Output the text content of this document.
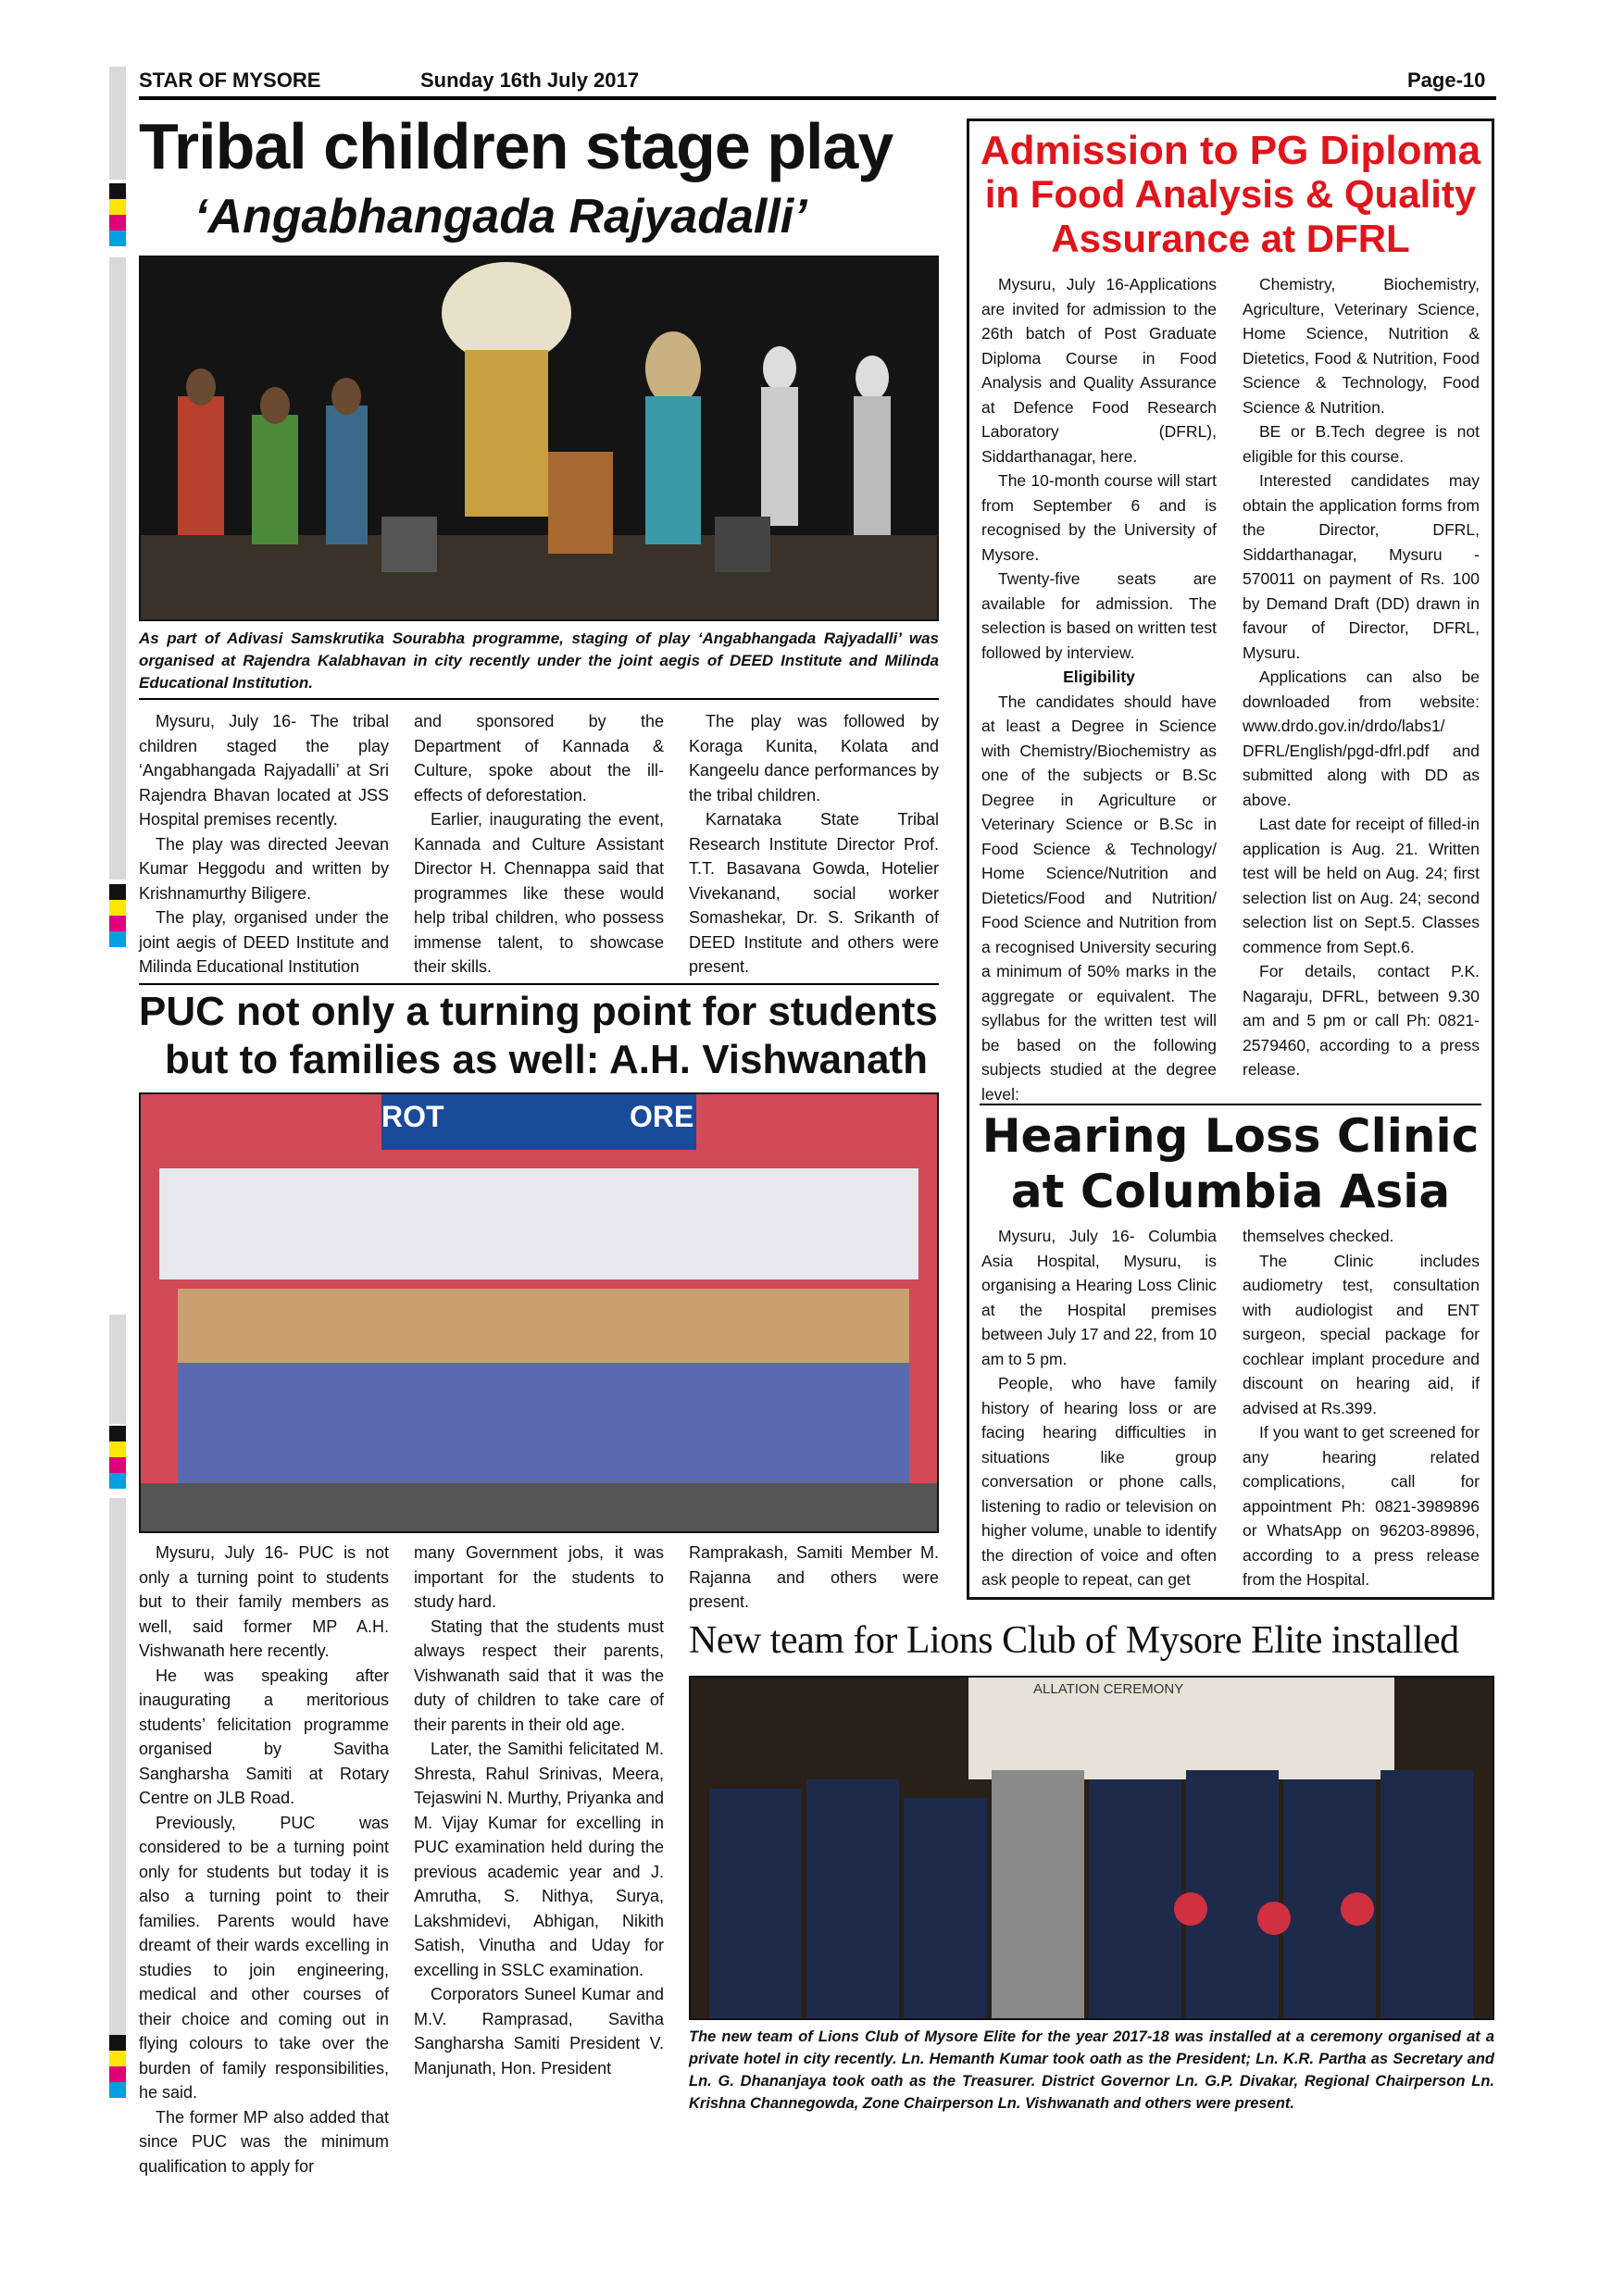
STAR OF MYSORE	Sunday 16th July 2017	Page-10
Tribal children stage play
‘Angabhangada Rajyadalli’
As part of Adivasi Samskrutika Sourabha programme, staging of play ‘Angabhangada Rajyadalli’ was organised at Rajendra Kalabhavan in city recently under the joint aegis of DEED Institute and Milinda Educational Institution.

Mysuru, July 16- The tribal children staged the play ‘Angabhangada Rajyadalli’ at Sri Rajendra Bhavan located at JSS Hospital premises recently.

The play was directed Jeevan Kumar Heggodu and written by Krishnamurthy Biligere.

The play, organised under the joint aegis of DEED Institute and Milinda Educational Institution

and sponsored by the Department of Kannada & Culture, spoke about the ill-effects of deforestation.

Earlier, inaugurating the event, Kannada and Culture Assistant Director H. Chennappa said that programmes like these would help tribal children, who possess immense talent, to showcase their skills.

The play was followed by Koraga Kunita, Kolata and Kangeelu dance performances by the tribal children.

Karnataka State Tribal Research Institute Director Prof. T.T. Basavana Gowda, Hotelier Vivekanand, social worker Somashekar, Dr. S. Srikanth of DEED Institute and others were present.

PUC not only a turning point for students
but to families as well: A.H. Vishwanath
ROT	ORE

Mysuru, July 16- PUC is not only a turning point to students but to their family members as well, said former MP A.H. Vishwanath here recently.

He was speaking after inaugurating a meritorious students’ felicitation programme organised by Savitha Sangharsha Samiti at Rotary Centre on JLB Road.

Previously, PUC was considered to be a turning point only for students but today it is also a turning point to their families. Parents would have dreamt of their wards excelling in studies to join engineering, medical and other courses of their choice and coming out in flying colours to take over the burden of family responsibilities, he said.

The former MP also added that since PUC was the minimum qualification to apply for

many Government jobs, it was important for the students to study hard.

Stating that the students must always respect their parents, Vishwanath said that it was the duty of children to take care of their parents in their old age.

Later, the Samithi felicitated M. Shresta, Rahul Srinivas, Meera, Tejaswini N. Murthy, Priyanka and M. Vijay Kumar for excelling in PUC examination held during the previous academic year and J. Amrutha, S. Nithya, Surya, Lakshmidevi, Abhigan, Nikith Satish, Vinutha and Uday for excelling in SSLC examination.

Corporators Suneel Kumar and M.V. Ramprasad, Savitha Sangharsha Samiti President V. Manjunath, Hon. President

Ramprakash, Samiti Member M. Rajanna and others were present.

Admission to PG Diploma
in Food Analysis & Quality
Assurance at DFRL

Mysuru, July 16-Applications are invited for admission to the 26th batch of Post Graduate Diploma Course in Food Analysis and Quality Assurance at Defence Food Research Laboratory (DFRL), Siddarthanagar, here.

The 10-month course will start from September 6 and is recognised by the University of Mysore.

Twenty-five seats are available for admission. The selection is based on written test followed by interview.

Eligibility

The candidates should have at least a Degree in Science with Chemistry/Biochemistry as one of the subjects or B.Sc Degree in Agriculture or Veterinary Science or B.Sc in Food Science & Technology/ Home Science/Nutrition and Dietetics/Food and Nutrition/ Food Science and Nutrition from a recognised University securing a minimum of 50% marks in the aggregate or equivalent. The syllabus for the written test will be based on the following subjects studied at the degree level:

Chemistry, Biochemistry, Agriculture, Veterinary Science, Home Science, Nutrition & Dietetics, Food & Nutrition, Food Science & Technology, Food Science & Nutrition.

BE or B.Tech degree is not eligible for this course.

Interested candidates may obtain the application forms from the Director, DFRL, Siddarthanagar, Mysuru - 570011 on payment of Rs. 100 by Demand Draft (DD) drawn in favour of Director, DFRL, Mysuru.

Applications can also be downloaded from website: www.drdo.gov.in/drdo/labs1/ DFRL/English/pgd-dfrl.pdf and submitted along with DD as above.

Last date for receipt of filled-in application is Aug. 21. Written test will be held on Aug. 24; first selection list on Aug. 24; second selection list on Sept.5. Classes commence from Sept.6.

For details, contact P.K. Nagaraju, DFRL, between 9.30 am and 5 pm or call Ph: 0821-2579460, according to a press release.

Hearing Loss Clinic
at Columbia Asia

Mysuru, July 16- Columbia Asia Hospital, Mysuru, is organising a Hearing Loss Clinic at the Hospital premises between July 17 and 22, from 10 am to 5 pm.

People, who have family history of hearing loss or are facing hearing difficulties in situations like group conversation or phone calls, listening to radio or television on higher volume, unable to identify the direction of voice and often ask people to repeat, can get

themselves checked.

The Clinic includes audiometry test, consultation with audiologist and ENT surgeon, special package for cochlear implant procedure and discount on hearing aid, if advised at Rs.399.

If you want to get screened for any hearing related complications, call for appointment Ph: 0821-3989896 or WhatsApp on 96203-89896, according to a press release from the Hospital.

New team for Lions Club of Mysore Elite installed
ALLATION CEREMONY
The new team of Lions Club of Mysore Elite for the year 2017-18 was installed at a ceremony organised at a private hotel in city recently. Ln. Hemanth Kumar took oath as the President; Ln. K.R. Partha as Secretary and Ln. G. Dhananjaya took oath as the Treasurer. District Governor Ln. G.P. Divakar, Regional Chairperson Ln. Krishna Channegowda, Zone Chairperson Ln. Vishwanath and others were present.
